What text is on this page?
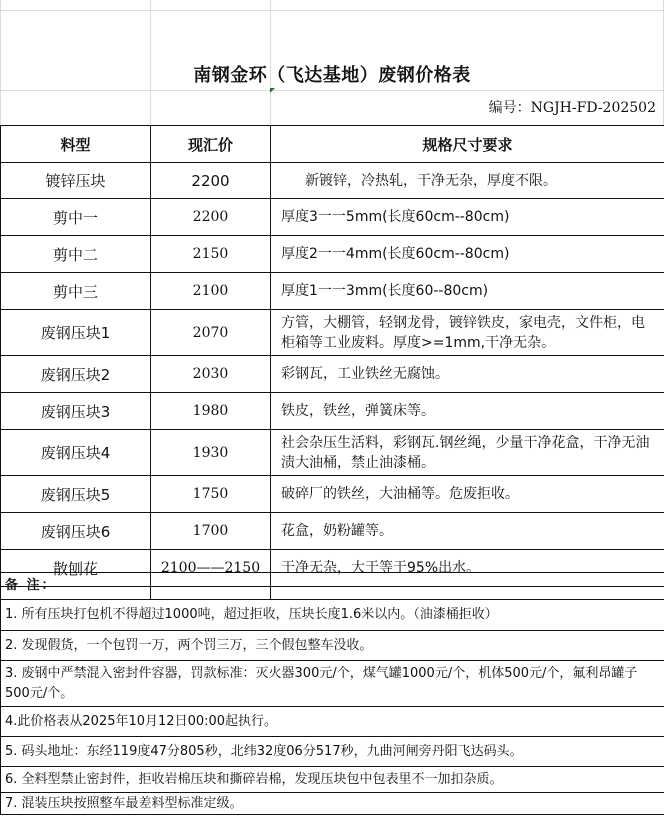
南钢金环（飞达基地）废钢价格表
编号：NGJH-FD-202502
料型	现汇价	规格尺寸要求
镀锌压块	2200	新镀锌，冷热轧，干净无杂，厚度不限。
剪中一	2200	厚度3一一5mm(长度60cm--80cm)
剪中二	2150	厚度2一一4mm(长度60cm--80cm)
剪中三	2100	厚度1一一3mm(长度60--80cm)
废钢压块1	2070	方管，大棚管，轻钢龙骨，镀锌铁皮，家电壳，文件柜，电柜箱等工业废料。厚度>=1mm,干净无杂。
废钢压块2	2030	彩钢瓦，工业铁丝无腐蚀。
废钢压块3	1980	铁皮，铁丝，弹簧床等。
废钢压块4	1930	社会杂压生活料，彩钢瓦.钢丝绳，少量干净花盒，干净无油渍大油桶，禁止油漆桶。
废钢压块5	1750	破碎厂的铁丝，大油桶等。危废拒收。
废钢压块6	1700	花盒，奶粉罐等。
散刨花	2100——2150	干净无杂，大于等于95%出水。
备 注：		
1. 所有压块打包机不得超过1000吨，超过拒收，压块长度1.6米以内。（油漆桶拒收）
2. 发现假货，一个包罚一万，两个罚三万，三个假包整车没收。
3. 废钢中严禁混入密封件容器，罚款标准：灭火器300元/个，煤气罐1000元/个，机体500元/个，氟利昂罐子500元/个。
4.此价格表从2025年10月12日00:00起执行。
5. 码头地址：东经119度47分805秒，北纬32度06分517秒，九曲河闸旁丹阳飞达码头。
6. 全料型禁止密封件，拒收岩棉压块和撕碎岩棉，发现压块包中包表里不一加扣杂质。
7. 混装压块按照整车最差料型标准定级。
